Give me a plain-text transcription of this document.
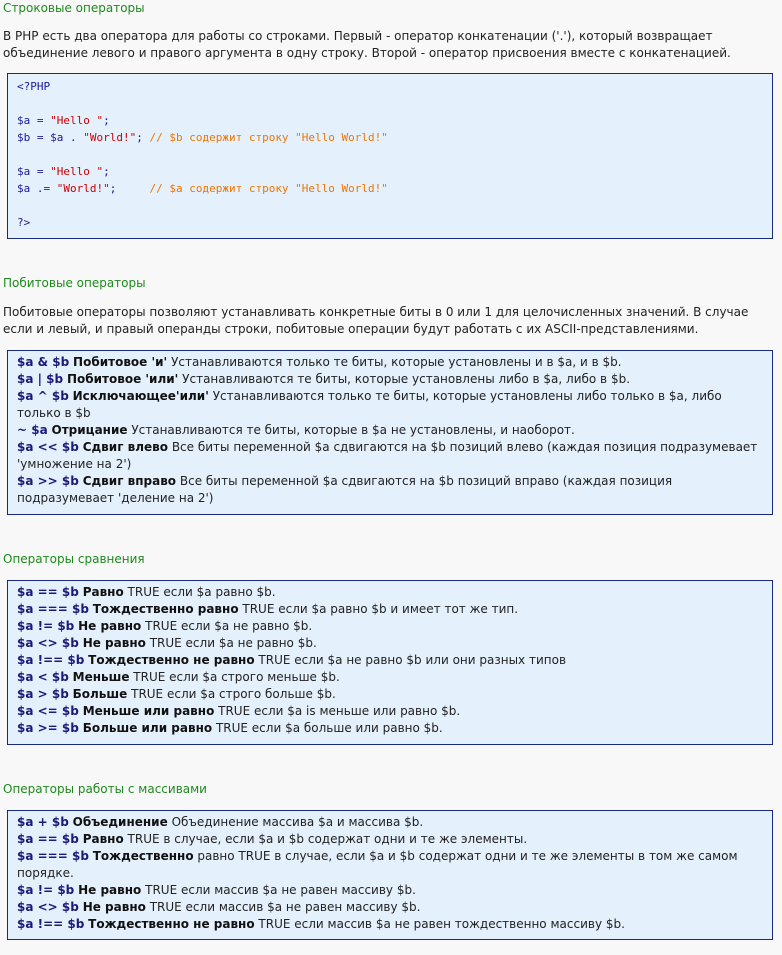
Строковые операторы

В PHP есть два оператора для работы со строками. Первый - оператор конкатенации ('.'), который возвращает объединение левого и правого аргумента в одну строку. Второй - оператор присвоения вместе с конкатенацией.

<?PHP
$a = "Hello ";
$b = $a . "World!"; // $b содержит строку "Hello World!"
$a = "Hello ";
$a .= "World!";     // $a содержит строку "Hello World!"
?>
Побитовые операторы

Побитовые операторы позволяют устанавливать конкретные биты в 0 или 1 для целочисленных значений. В случае если и левый, и правый операнды строки, побитовые операции будут работать с их ASCII-представлениями.

$a & $b Побитовое 'и' Устанавливаются только те биты, которые установлены и в $a, и в $b.
$a | $b Побитовое 'или' Устанавливаются те биты, которые установлены либо в $a, либо в $b.
$a ^ $b Исключающее'или' Устанавливаются только те биты, которые установлены либо только в $a, либо только в $b
~ $a Отрицание Устанавливаются те биты, которые в $a не установлены, и наоборот.
$a << $b Сдвиг влево Все биты переменной $a сдвигаются на $b позиций влево (каждая позиция подразумевает 'умножение на 2')
$a >> $b Сдвиг вправо Все биты переменной $a сдвигаются на $b позиций вправо (каждая позиция подразумевает 'деление на 2')
Операторы сравнения
$a == $b Равно TRUE если $a равно $b.
$a === $b Тождественно равно TRUE если $a равно $b и имеет тот же тип.
$a != $b Не равно TRUE если $a не равно $b.
$a <> $b Не равно TRUE если $a не равно $b.
$a !== $b Тождественно не равно TRUE если $a не равно $b или они разных типов
$a < $b Меньше TRUE если $a строго меньше $b.
$a > $b Больше TRUE если $a строго больше $b.
$a <= $b Меньше или равно TRUE если $a is меньше или равно $b.
$a >= $b Больше или равно TRUE если $a больше или равно $b.
Операторы работы с массивами
$a + $b Объединение Объединение массива $a и массива $b.
$a == $b Равно TRUE в случае, если $a и $b содержат одни и те же элементы.
$a === $b Тождественно равно TRUE в случае, если $a и $b содержат одни и те же элементы в том же самом порядке.
$a != $b Не равно TRUE если массив $a не равен массиву $b.
$a <> $b Не равно TRUE если массив $a не равен массиву $b.
$a !== $b Тождественно не равно TRUE если массив $a не равен тождественно массиву $b.
